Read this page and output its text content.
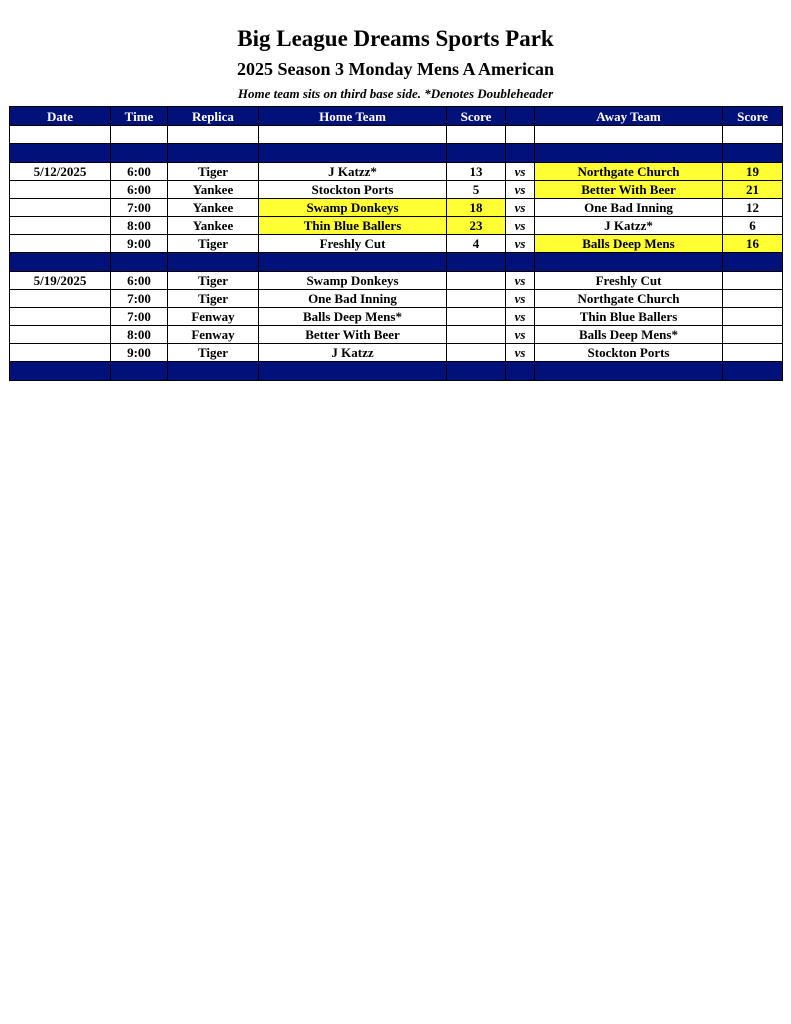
Big League Dreams Sports Park
2025 Season 3 Monday Mens A American
Home team sits on third base side. *Denotes Doubleheader
Date	Time	Replica	Home Team	Score		Away Team	Score

5/12/2025	6:00	Tiger	J Katzz*	13	vs	Northgate Church	19
	6:00	Yankee	Stockton Ports	5	vs	Better With Beer	21
	7:00	Yankee	Swamp Donkeys	18	vs	One Bad Inning	12
	8:00	Yankee	Thin Blue Ballers	23	vs	J Katzz*	6
	9:00	Tiger	Freshly Cut	4	vs	Balls Deep Mens	16

5/19/2025	6:00	Tiger	Swamp Donkeys		vs	Freshly Cut	
	7:00	Tiger	One Bad Inning		vs	Northgate Church	
	7:00	Fenway	Balls Deep Mens*		vs	Thin Blue Ballers	
	8:00	Fenway	Better With Beer		vs	Balls Deep Mens*	
	9:00	Tiger	J Katzz		vs	Stockton Ports	
